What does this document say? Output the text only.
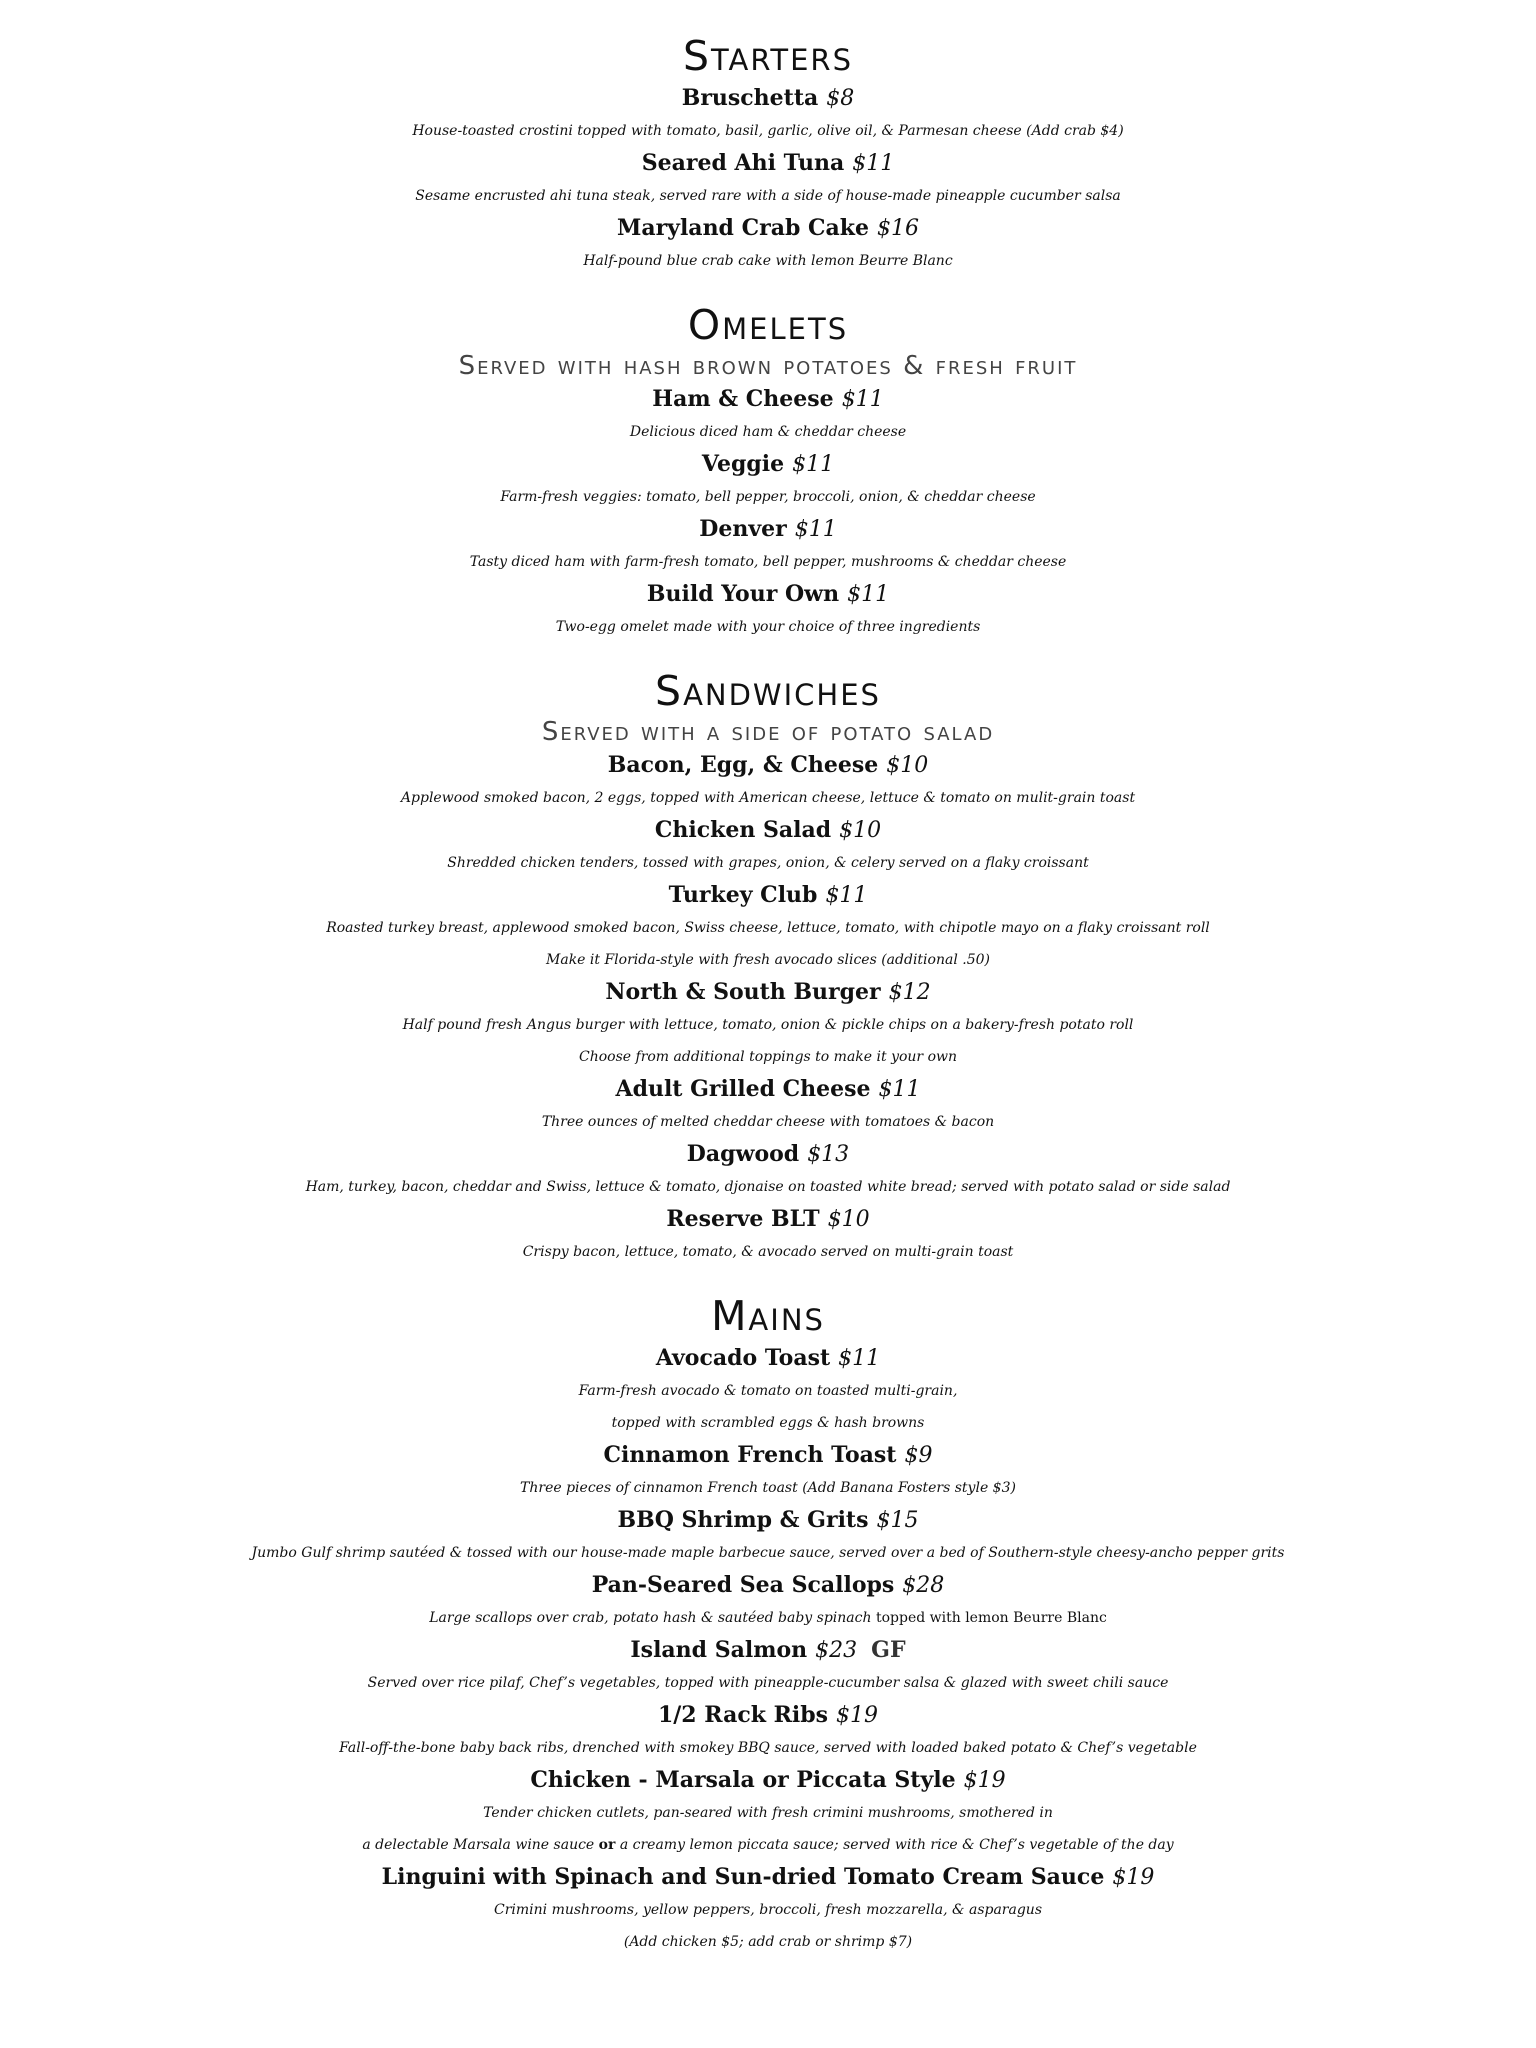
Starters
Bruschetta $8
House-toasted crostini topped with tomato, basil, garlic, olive oil, & Parmesan cheese (Add crab $4)
Seared Ahi Tuna $11
Sesame encrusted ahi tuna steak, served rare with a side of house-made pineapple cucumber salsa
Maryland Crab Cake $16
Half-pound blue crab cake with lemon Beurre Blanc
Omelets
Served with hash brown potatoes & fresh fruit
Ham & Cheese $11
Delicious diced ham & cheddar cheese
Veggie $11
Farm-fresh veggies: tomato, bell pepper, broccoli, onion, & cheddar cheese
Denver $11
Tasty diced ham with farm-fresh tomato, bell pepper, mushrooms & cheddar cheese
Build Your Own $11
Two-egg omelet made with your choice of three ingredients
Sandwiches
Served with a side of potato salad
Bacon, Egg, & Cheese $10
Applewood smoked bacon, 2 eggs, topped with American cheese, lettuce & tomato on mulit-grain toast
Chicken Salad $10
Shredded chicken tenders, tossed with grapes, onion, & celery served on a flaky croissant
Turkey Club $11
Roasted turkey breast, applewood smoked bacon, Swiss cheese, lettuce, tomato, with chipotle mayo on a flaky croissant roll
Make it Florida-style with fresh avocado slices (additional .50)
North & South Burger $12
Half pound fresh Angus burger with lettuce, tomato, onion & pickle chips on a bakery-fresh potato roll
Choose from additional toppings to make it your own
Adult Grilled Cheese $11
Three ounces of melted cheddar cheese with tomatoes & bacon
Dagwood $13
Ham, turkey, bacon, cheddar and Swiss, lettuce & tomato, djonaise on toasted white bread; served with potato salad or side salad
Reserve BLT $10
Crispy bacon, lettuce, tomato, & avocado served on multi-grain toast
Mains
Avocado Toast $11
Farm-fresh avocado & tomato on toasted multi-grain,
topped with scrambled eggs & hash browns
Cinnamon French Toast $9
Three pieces of cinnamon French toast (Add Banana Fosters style $3)
BBQ Shrimp & Grits $15
Jumbo Gulf shrimp sautéed & tossed with our house-made maple barbecue sauce, served over a bed of Southern-style cheesy-ancho pepper grits
Pan-Seared Sea Scallops $28
Large scallops over crab, potato hash & sautéed baby spinach topped with lemon Beurre Blanc
Island Salmon $23 GF
Served over rice pilaf, Chef’s vegetables, topped with pineapple-cucumber salsa & glazed with sweet chili sauce
1/2 Rack Ribs $19
Fall-off-the-bone baby back ribs, drenched with smokey BBQ sauce, served with loaded baked potato & Chef’s vegetable
Chicken - Marsala or Piccata Style $19
Tender chicken cutlets, pan-seared with fresh crimini mushrooms, smothered in
a delectable Marsala wine sauce or a creamy lemon piccata sauce; served with rice & Chef’s vegetable of the day
Linguini with Spinach and Sun-dried Tomato Cream Sauce $19
Crimini mushrooms, yellow peppers, broccoli, fresh mozzarella, & asparagus
(Add chicken $5; add crab or shrimp $7)
